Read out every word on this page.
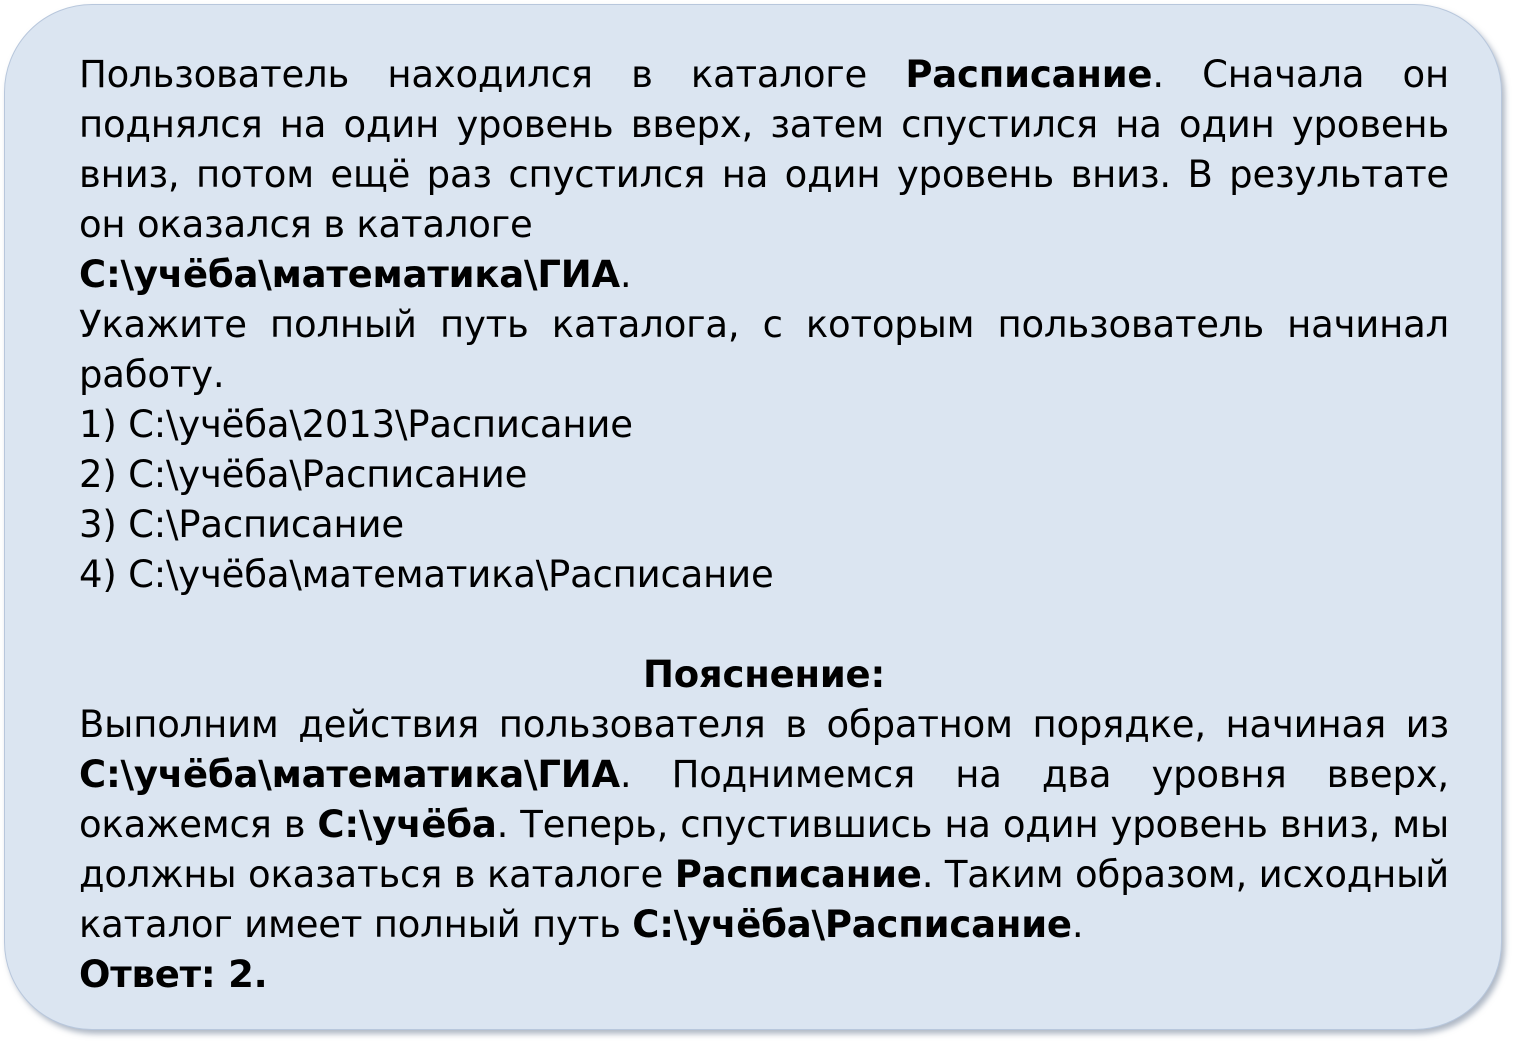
Пользователь находился в каталоге Расписание. Сначала он поднялся на один уровень вверх, затем спустился на один уровень вниз, потом ещё раз спустился на один уровень вниз. В результате он оказался в каталоге

C:\учёба\математика\ГИА.

Укажите полный путь каталога, с которым пользователь начинал работу.

1) C:\учёба\2013\Расписание

2) C:\учёба\Расписание

3) C:\Расписание

4) C:\учёба\математика\Расписание

Пояснение:

Выполним действия пользователя в обратном порядке, начиная из C:\учёба\математика\ГИА. Поднимемся на два уровня вверх, окажемся в C:\учёба. Теперь, спустившись на один уровень вниз, мы должны оказаться в каталоге Расписание. Таким образом, исходный каталог имеет полный путь C:\учёба\Расписание.

Ответ: 2.
